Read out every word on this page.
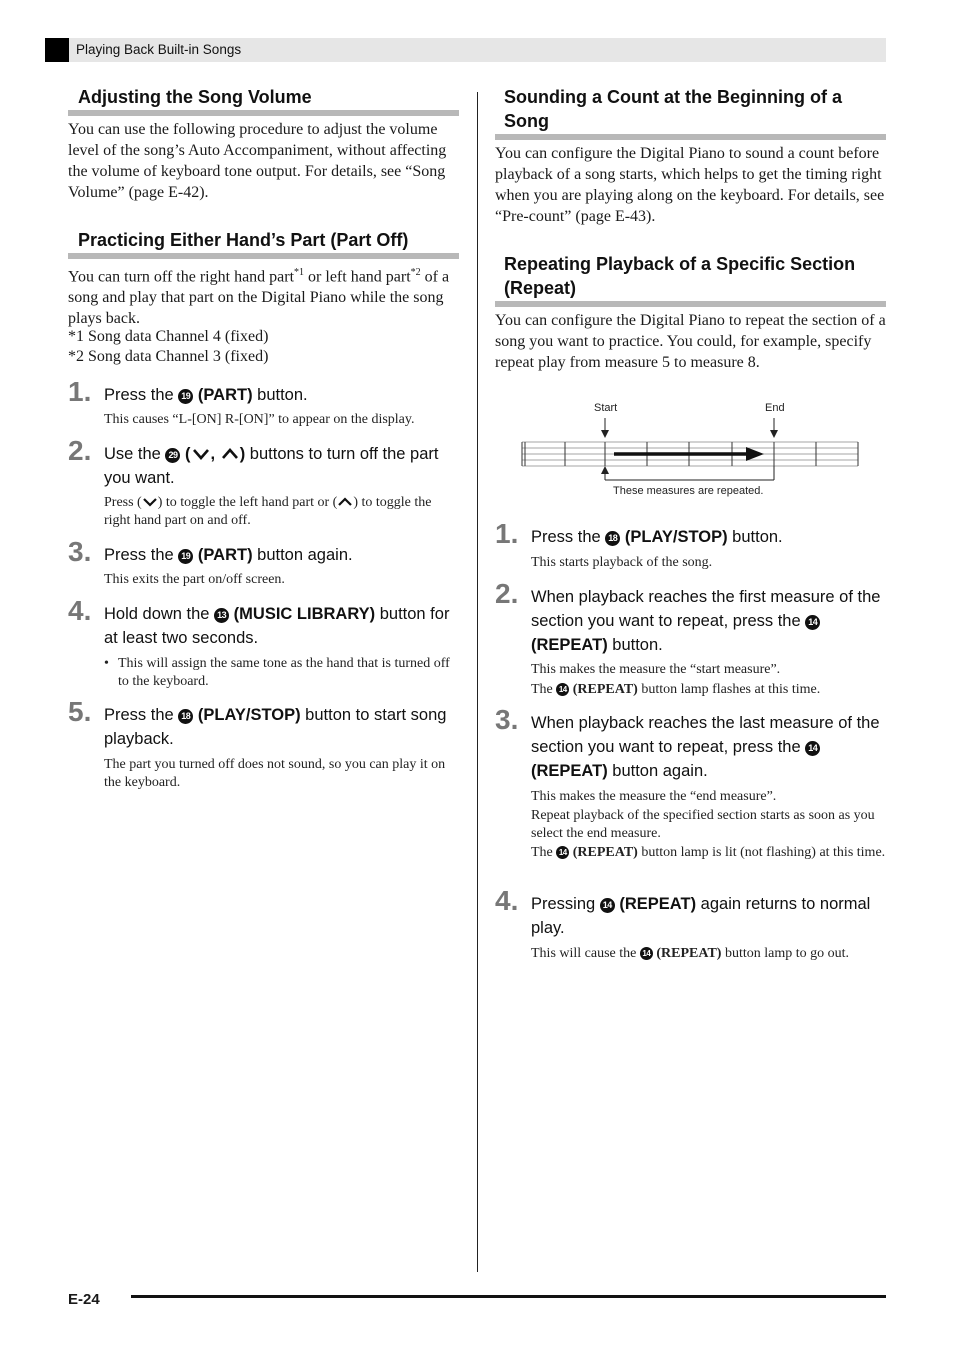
Playing Back Built-in Songs
Adjusting the Song Volume
You can use the following procedure to adjust the volume level of the song’s Auto Accompaniment, without affecting the volume of keyboard tone output. For details, see “Song Volume” (page E-42).
Practicing Either Hand’s Part (Part Off)
You can turn off the right hand part$^{*1}$ or left hand part$^{*2}$ of a song and play that part on the Digital Piano while the song plays back.
*1 Song data Channel 4 (fixed)
*2 Song data Channel 3 (fixed)
1. Press the 19 (PART) button.
This causes “L-[ON] R-[ON]” to appear on the display.
2. Use the 29 ( , ) buttons to turn off the part you want.
Press ( ) to toggle the left hand part or ( ) to toggle the right hand part on and off.
3. Press the 19 (PART) button again.
This exits the part on/off screen.
4. Hold down the 13 (MUSIC LIBRARY) button for at least two seconds.
• This will assign the same tone as the hand that is turned off to the keyboard.
5. Press the 18 (PLAY/STOP) button to start song playback.
The part you turned off does not sound, so you can play it on the keyboard.
Sounding a Count at the Beginning of a Song
You can configure the Digital Piano to sound a count before playback of a song starts, which helps to get the timing right when you are playing along on the keyboard. For details, see “Pre-count” (page E-43).
Repeating Playback of a Specific Section (Repeat)
You can configure the Digital Piano to repeat the section of a song you want to practice. You could, for example, specify repeat play from measure 5 to measure 8.
Start	End
These measures are repeated.
1. Press the 18 (PLAY/STOP) button.
This starts playback of the song.
2. When playback reaches the first measure of the section you want to repeat, press the 14 (REPEAT) button.
This makes the measure the “start measure”.
The 14 (REPEAT) button lamp flashes at this time.
3. When playback reaches the last measure of the section you want to repeat, press the 14 (REPEAT) button again.
This makes the measure the “end measure”.
Repeat playback of the specified section starts as soon as you select the end measure.
The 14 (REPEAT) button lamp is lit (not flashing) at this time.
4. Pressing 14 (REPEAT) again returns to normal play.
This will cause the 14 (REPEAT) button lamp to go out.
E-24
